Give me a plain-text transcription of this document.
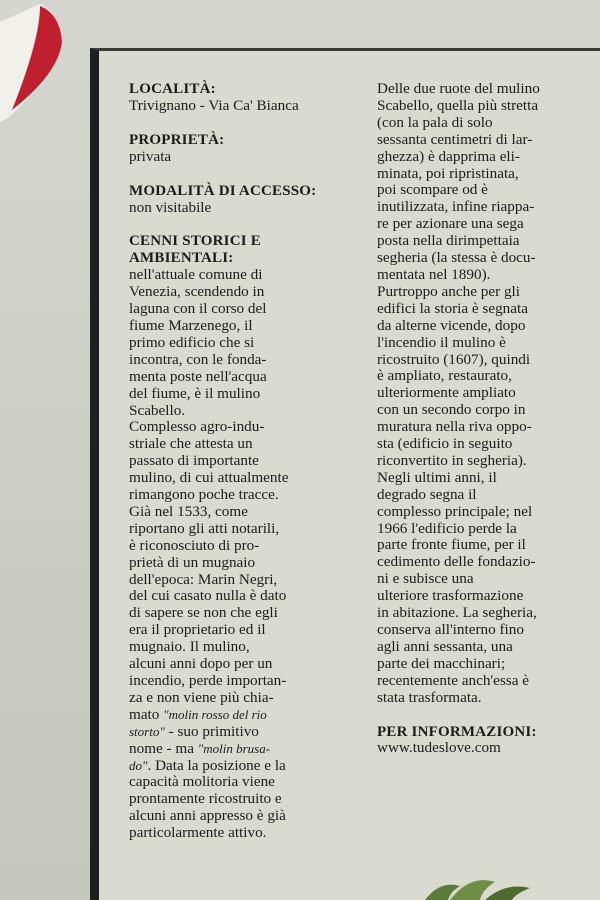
LOCALITÀ:
Trivignano - Via Ca' Bianca
PROPRIETÀ:
privata
MODALITÀ DI ACCESSO:
non visitabile
CENNI STORICI E
AMBIENTALI:
nell'attuale comune di
Venezia, scendendo in
laguna con il corso del
fiume Marzenego, il
primo edificio che si
incontra, con le fonda-
menta poste nell'acqua
del fiume, è il mulino
Scabello.
Complesso agro-indu-
striale che attesta un
passato di importante
mulino, di cui attualmente
rimangono poche tracce.
Già nel 1533, come
riportano gli atti notarili,
è riconosciuto di pro-
prietà di un mugnaio
dell'epoca: Marin Negri,
del cui casato nulla è dato
di sapere se non che egli
era il proprietario ed il
mugnaio. Il mulino,
alcuni anni dopo per un
incendio, perde importan-
za e non viene più chia-
mato "molin rosso del rio
storto" - suo primitivo
nome - ma "molin brusa-
do". Data la posizione e la
capacità molitoria viene
prontamente ricostruito e
alcuni anni appresso è già
particolarmente attivo.
Delle due ruote del mulino
Scabello, quella più stretta
(con la pala di solo
sessanta centimetri di lar-
ghezza) è dapprima eli-
minata, poi ripristinata,
poi scompare od è
inutilizzata, infine riappa-
re per azionare una sega
posta nella dirimpettaia
segheria (la stessa è docu-
mentata nel 1890).
Purtroppo anche per gli
edifici la storia è segnata
da alterne vicende, dopo
l'incendio il mulino è
ricostruito (1607), quindi
è ampliato, restaurato,
ulteriormente ampliato
con un secondo corpo in
muratura nella riva oppo-
sta (edificio in seguito
riconvertito in segheria).
Negli ultimi anni, il
degrado segna il
complesso principale; nel
1966 l'edificio perde la
parte fronte fiume, per il
cedimento delle fondazio-
ni e subisce una
ulteriore trasformazione
in abitazione. La segheria,
conserva all'interno fino
agli anni sessanta, una
parte dei macchinari;
recentemente anch'essa è
stata trasformata.
PER INFORMAZIONI:
www.tudeslove.com
